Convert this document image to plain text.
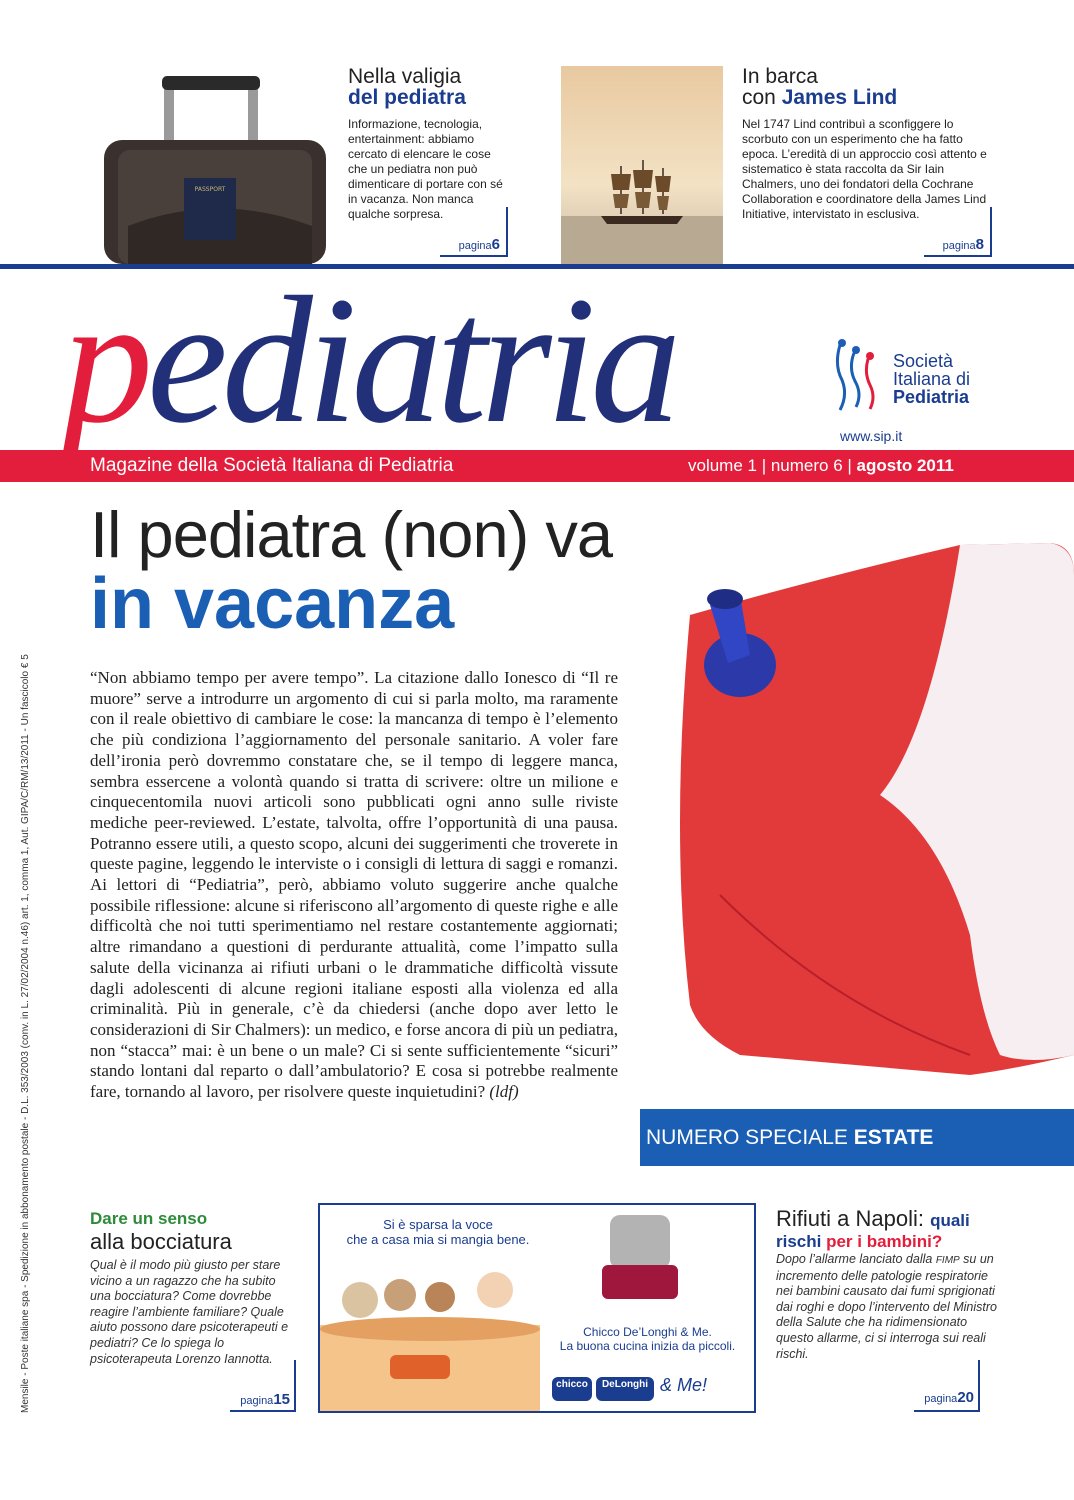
PASSPORT
Nella valigia
del pediatra
Informazione, tecnologia, entertainment: abbiamo cercato di elencare le cose che un pediatra non può dimenticare di portare con sé in vacanza. Non manca qualche sorpresa.
pagina6
In barca
con James Lind
Nel 1747 Lind contribuì a sconfiggere lo scorbuto con un esperimento che ha fatto epoca. L’eredità di un approccio così attento e sistematico è stata raccolta da Sir Iain Chalmers, uno dei fondatori della Cochrane Collaboration e coordinatore della James Lind Initiative, intervistato in esclusiva.
pagina8
pediatria
Magazine della Società Italiana di Pediatria	volume 1 | numero 6 | agosto 2011
Società
Italiana di
Pediatria
www.sip.it
Il pediatra (non) va
in vacanza
Mensile - Poste italiane spa - Spedizione in abbonamento postale - D.L. 353/2003 (conv. in L. 27/02/2004 n.46) art. 1, comma 1, Aut. GIPA/C/RM/13/2011 - Un fascicolo € 5	“Non abbiamo tempo per avere tempo”. La citazione dallo Ionesco di “Il re muore” serve a introdurre un argomento di cui si parla molto, ma raramente con il reale obiettivo di cambiare le cose: la mancanza di tempo è l’elemento che più condiziona l’aggiornamento del personale sanitario. A voler fare dell’ironia però dovremmo constatare che, se il tempo di leggere manca, sembra essercene a volontà quando si tratta di scrivere: oltre un milione e cinquecentomila nuovi articoli sono pubblicati ogni anno sulle riviste mediche peer-reviewed. L’estate, talvolta, offre l’opportunità di una pausa. Potranno essere utili, a questo scopo, alcuni dei suggerimenti che troverete in queste pagine, leggendo le interviste o i consigli di lettura di saggi e romanzi. Ai lettori di “Pediatria”, però, abbiamo voluto suggerire anche qualche possibile riflessione: alcune si riferiscono all’argomento di queste righe e alle difficoltà che noi tutti sperimentiamo nel restare costantemente aggiornati; altre rimandano a questioni di perdurante attualità, come l’impatto sulla salute della vicinanza ai rifiuti urbani o le drammatiche difficoltà vissute dagli adolescenti di alcune regioni italiane esposti alla violenza ed alla criminalità. Più in generale, c’è da chiedersi (anche dopo aver letto le considerazioni di Sir Chalmers): un medico, e forse ancora di più un pediatra, non “stacca” mai: è un bene o un male? Ci si sente sufficientemente “sicuri” stando lontani dal reparto o dall’ambulatorio? E cosa si potrebbe realmente fare, tornando al lavoro, per risolvere queste inquietudini? (ldf)
NUMERO SPECIALE ESTATE
Dare un senso
alla bocciatura
Qual è il modo più giusto per stare vicino a un ragazzo che ha subito una bocciatura? Come dovrebbe reagire l’ambiente familiare? Quale aiuto possono dare psicoterapeuti e pediatri? Ce lo spiega lo psicoterapeuta Lorenzo Iannotta.
pagina15
Si è sparsa la voce
che a casa mia si mangia bene.
Chicco De’Longhi & Me.
La buona cucina inizia da piccoli.
chicco	DeLonghi & Me!
Rifiuti a Napoli: quali
rischi per i bambini?
Dopo l’allarme lanciato dalla FIMP su un incremento delle patologie respiratorie nei bambini causato dai fumi sprigionati dai roghi e dopo l’intervento del Ministro della Salute che ha ridimensionato questo allarme, ci si interroga sui reali rischi.
pagina20
